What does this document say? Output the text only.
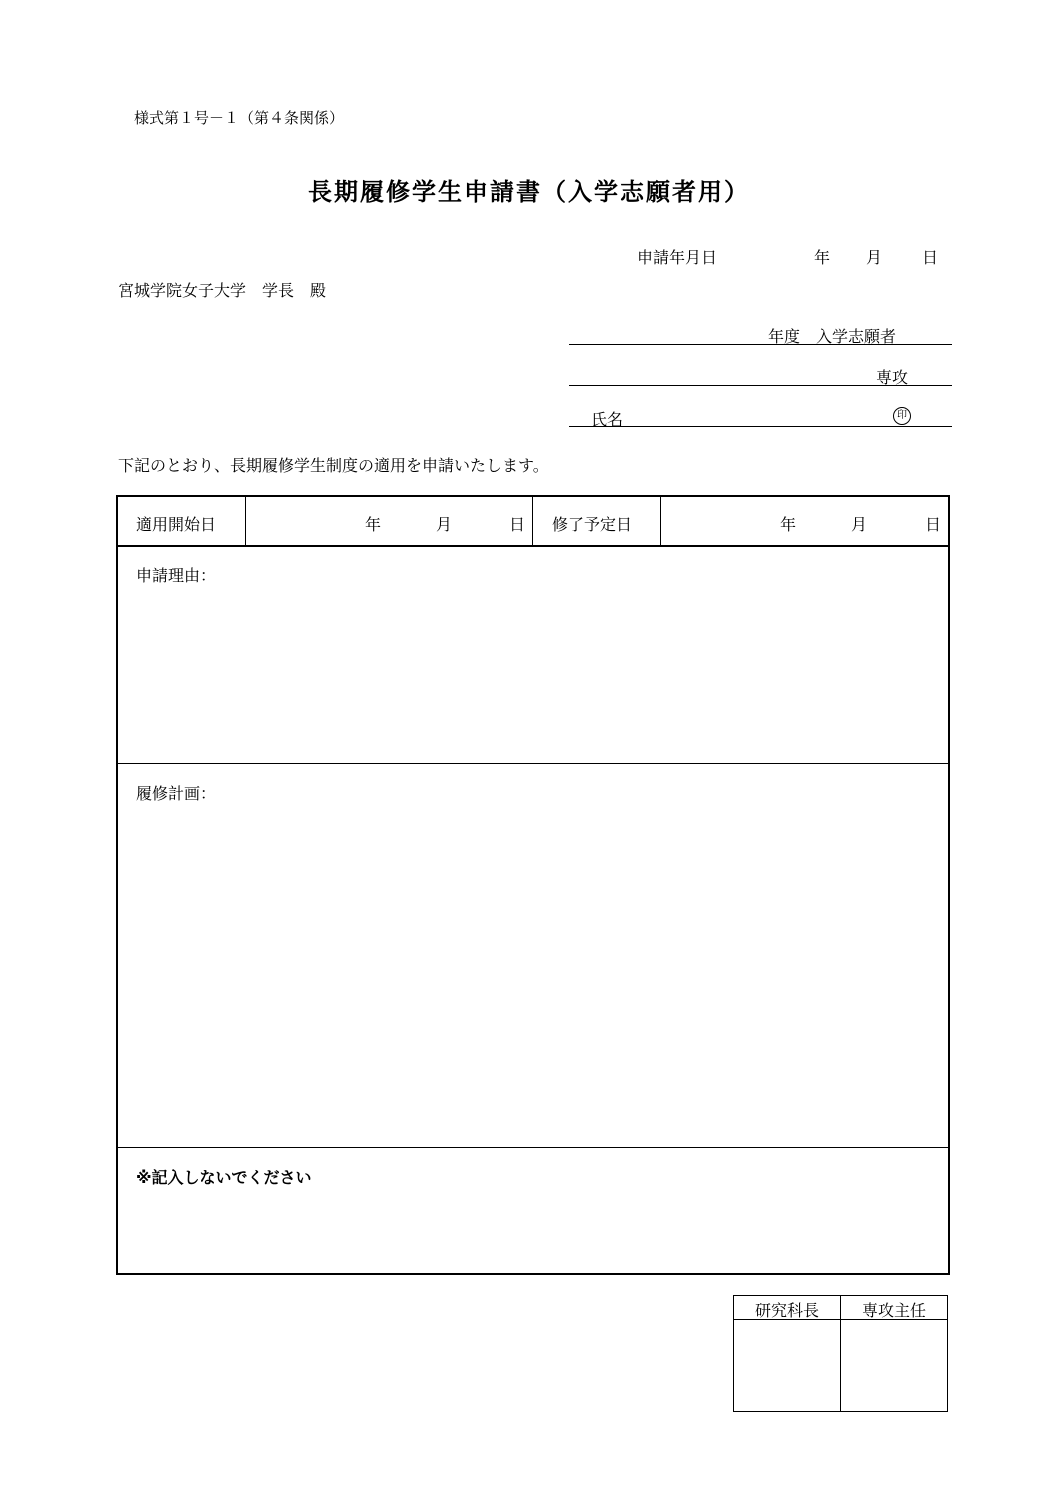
様式第１号－１（第４条関係）
長期履修学生申請書（入学志願者用）
申請年月日	年 月 日
宮城学院女子大学　学長　殿
年度　入学志願者
専攻
氏名	印
下記のとおり、長期履修学生制度の適用を申請いたします。
適用開始日	年	月	日 修了予定日	年	月	日
申請理由：
履修計画：
※記入しないでください
研究科長	専攻主任
